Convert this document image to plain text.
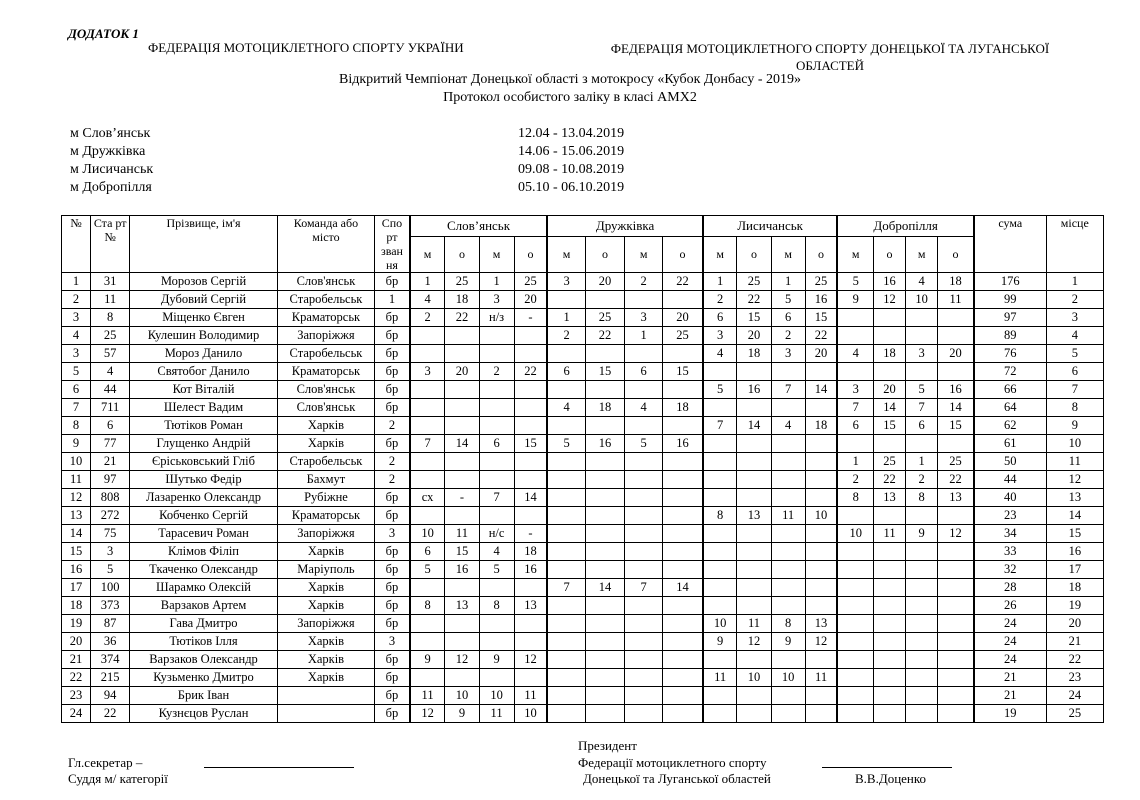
ДОДАТОК 1
ФЕДЕРАЦІЯ МОТОЦИКЛЕТНОГО СПОРТУ УКРАЇНИ	ФЕДЕРАЦІЯ МОТОЦИКЛЕТНОГО СПОРТУ ДОНЕЦЬКОЇ ТА ЛУГАНСЬКОЇ ОБЛАСТЕЙ
Відкритий Чемпіонат Донецької області з мотокросу «Кубок Донбасу - 2019»
Протокол особистого заліку в класі АМХ2
м Слов’янськ	12.04 - 13.04.2019
м Дружківка	14.06 - 15.06.2019
м Лисичанськ	09.08 - 10.08.2019
м Добропілля	05.10 - 06.10.2019
№	Ста рт №	Прізвище, ім'я	Команда або місто	Спо рт зван ня	Слов’янськ				Дружківка				Лисичанськ				Добропілля				сума	місце
					м	о	м	о	м	о	м	о	м	о	м	о	м	о	м	о		
1	31	Морозов Сергій	Слов'янськ	бр	1	25	1	25	3	20	2	22	1	25	1	25	5	16	4	18	176	1
2	11	Дубовий Сергій	Старобельськ	1	4	18	3	20					2	22	5	16	9	12	10	11	99	2
3	8	Міщенко Євген	Краматорськ	бр	2	22	н/з	-	1	25	3	20	6	15	6	15					97	3
4	25	Кулешин Володимир	Запоріжжя	бр					2	22	1	25	3	20	2	22					89	4
3	57	Мороз Данило	Старобельськ	бр									4	18	3	20	4	18	3	20	76	5
5	4	Святобог Данило	Краматорськ	бр	3	20	2	22	6	15	6	15									72	6
6	44	Кот Віталій	Слов'янськ	бр									5	16	7	14	3	20	5	16	66	7
7	711	Шелест Вадим	Слов'янськ	бр					4	18	4	18					7	14	7	14	64	8
8	6	Тютіков Роман	Харків	2									7	14	4	18	6	15	6	15	62	9
9	77	Глущенко Андрій	Харків	бр	7	14	6	15	5	16	5	16									61	10
10	21	Єріськовський Гліб	Старобельськ	2													1	25	1	25	50	11
11	97	Шутько Федір	Бахмут	2													2	22	2	22	44	12
12	808	Лазаренко Олександр	Рубіжне	бр	сх	-	7	14									8	13	8	13	40	13
13	272	Кобченко Сергій	Краматорськ	бр									8	13	11	10					23	14
14	75	Тарасевич Роман	Запоріжжя	3	10	11	н/с	-									10	11	9	12	34	15
15	3	Клімов Філіп	Харків	бр	6	15	4	18													33	16
16	5	Ткаченко Олександр	Маріуполь	бр	5	16	5	16													32	17
17	100	Шарамко Олексій	Харків	бр					7	14	7	14									28	18
18	373	Варзаков Артем	Харків	бр	8	13	8	13													26	19
19	87	Гава Дмитро	Запоріжжя	бр									10	11	8	13					24	20
20	36	Тютіков Ілля	Харків	3									9	12	9	12					24	21
21	374	Варзаков Олександр	Харків	бр	9	12	9	12													24	22
22	215	Кузьменко Дмитро	Харків	бр									11	10	10	11					21	23
23	94	Брик Іван		бр	11	10	10	11													21	24
24	22	Кузнєцов Руслан		бр	12	9	11	10													19	25
Президент
Гл.секретар –	Федерації мотоциклетного спорту
Суддя м/ категорії	Донецької та Луганської областей	В.В.Доценко
